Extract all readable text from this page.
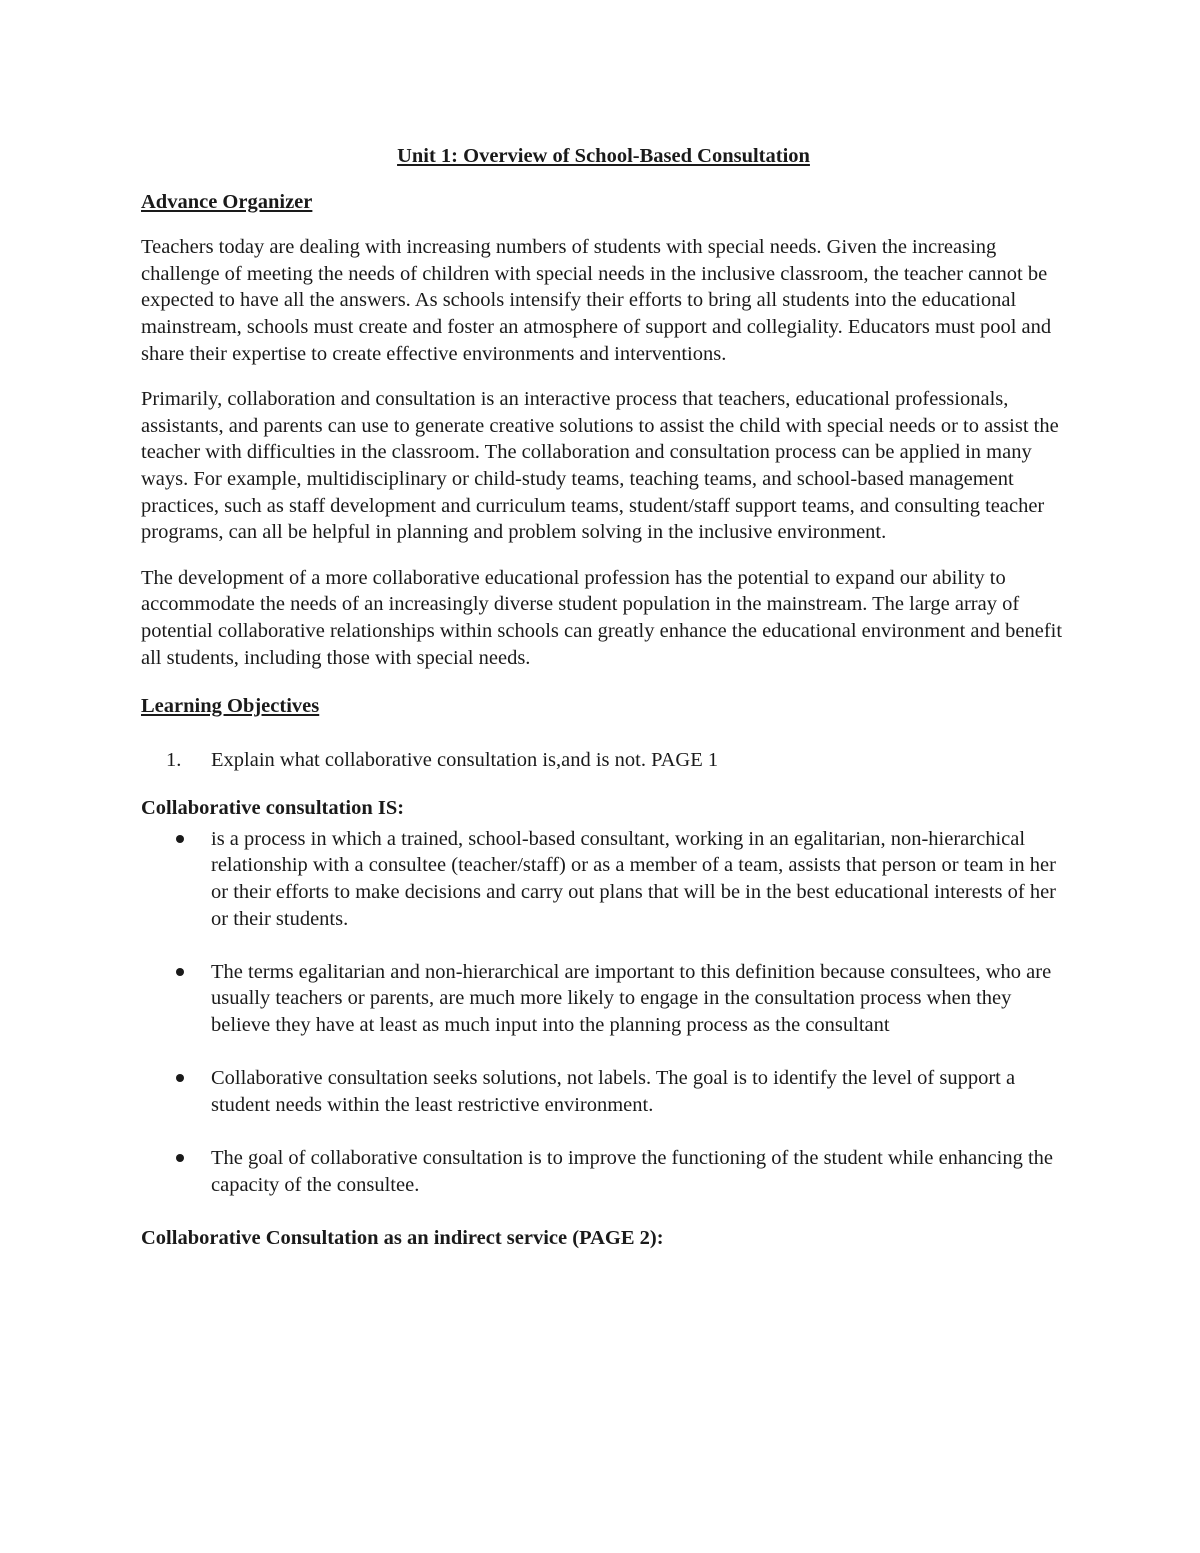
Unit 1: Overview of School-Based Consultation
Advance Organizer

Teachers today are dealing with increasing numbers of students with special needs. Given the increasing challenge of meeting the needs of children with special needs in the inclusive classroom, the teacher cannot be expected to have all the answers. As schools intensify their efforts to bring all students into the educational mainstream, schools must create and foster an atmosphere of support and collegiality. Educators must pool and share their expertise to create effective environments and interventions.

Primarily, collaboration and consultation is an interactive process that teachers, educational professionals, assistants, and parents can use to generate creative solutions to assist the child with special needs or to assist the teacher with difficulties in the classroom. The collaboration and consultation process can be applied in many ways. For example, multidisciplinary or child-study teams, teaching teams, and school-based management practices, such as staff development and curriculum teams, student/staff support teams, and consulting teacher programs, can all be helpful in planning and problem solving in the inclusive environment.

The development of a more collaborative educational profession has the potential to expand our ability to accommodate the needs of an increasingly diverse student population in the mainstream. The large array of potential collaborative relationships within schools can greatly enhance the educational environment and benefit all students, including those with special needs.

Learning Objectives
1. Explain what collaborative consultation is,and is not. PAGE 1
Collaborative consultation IS:
is a process in which a trained, school-based consultant, working in an egalitarian, non-hierarchical relationship with a consultee (teacher/staff) or as a member of a team, assists that person or team in her or their efforts to make decisions and carry out plans that will be in the best educational interests of her or their students.
The terms egalitarian and non-hierarchical are important to this definition because consultees, who are usually teachers or parents, are much more likely to engage in the consultation process when they believe they have at least as much input into the planning process as the consultant
Collaborative consultation seeks solutions, not labels. The goal is to identify the level of support a student needs within the least restrictive environment.
The goal of collaborative consultation is to improve the functioning of the student while enhancing the capacity of the consultee.
Collaborative Consultation as an indirect service (PAGE 2):
